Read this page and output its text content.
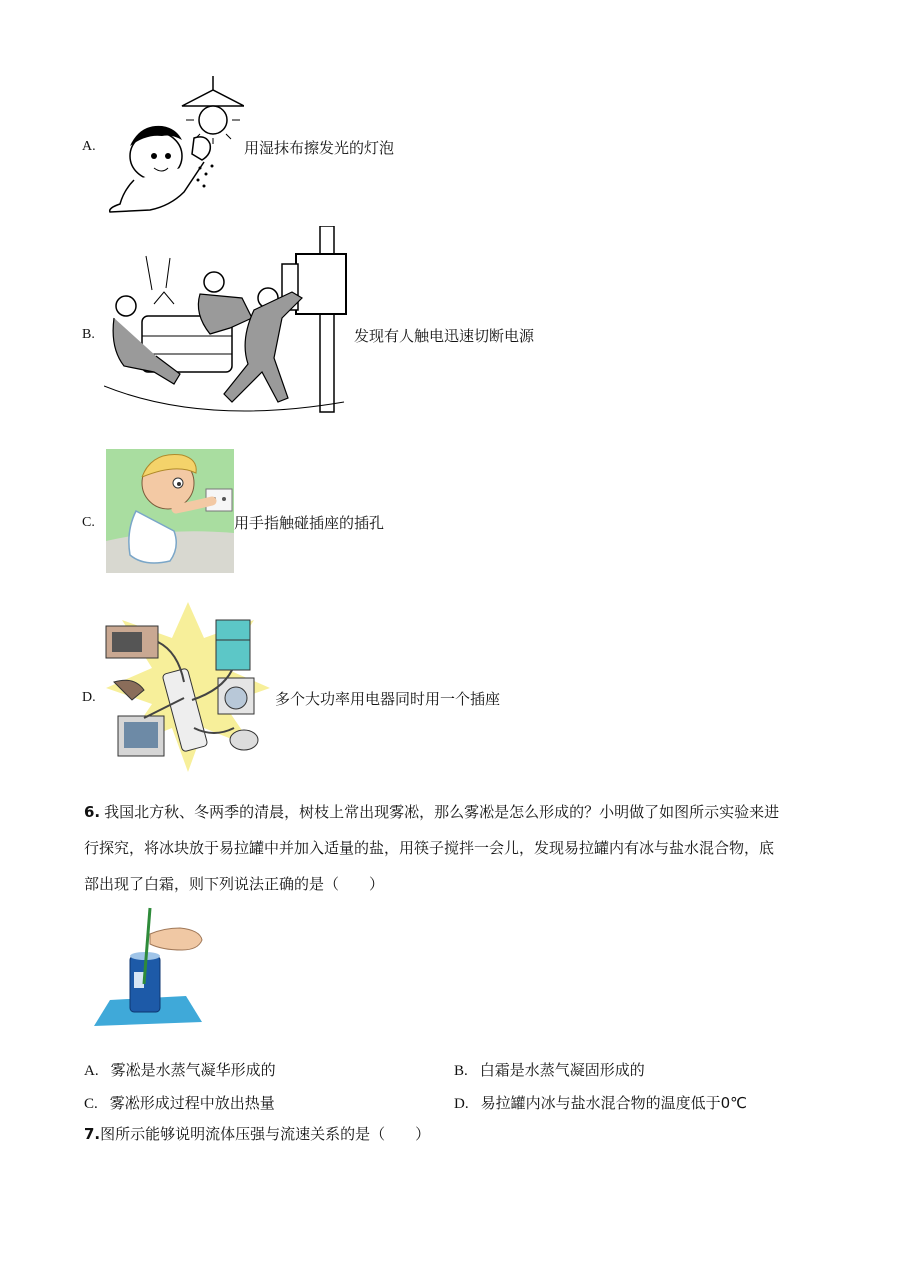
A.	用湿抹布擦发光的灯泡
B.	发现有人触电迅速切断电源
C.	用手指触碰插座的插孔
D.	多个大功率用电器同时用一个插座
6. 我国北方秋、冬两季的清晨，树枝上常出现雾凇，那么雾凇是怎么形成的？小明做了如图所示实验来进
行探究，将冰块放于易拉罐中并加入适量的盐，用筷子搅拌一会儿，发现易拉罐内有冰与盐水混合物，底
部出现了白霜，则下列说法正确的是（　　）
A. 雾凇是水蒸气凝华形成的	B. 白霜是水蒸气凝固形成的
C. 雾凇形成过程中放出热量	D. 易拉罐内冰与盐水混合物的温度低于0℃
7.图所示能够说明流体压强与流速关系的是（　　）
